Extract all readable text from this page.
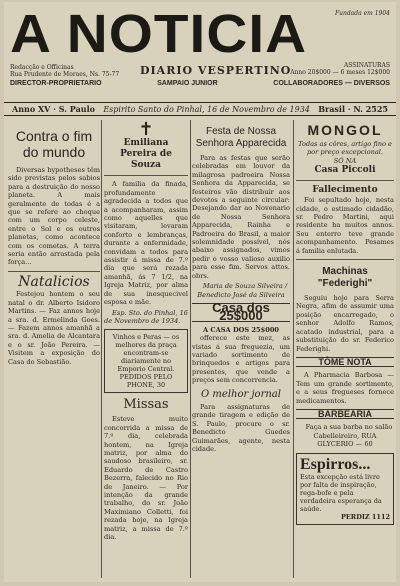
A NOTICIA	Fundada em 1904
Redacção e Officinas
Rua Prudente de Moraes, Ns. 75-77 DIARIO VESPERTINO	ASSINATURAS
Anno 20$000 — 6 meses 12$000
DIRECTOR-PROPRIETARIO	SAMPAIO JUNIOR	COLLABORADORES — DIVERSOS
Anno XV · S. Paulo Espirito Santo do Pinhal, 16 de Novembro de 1934 Brasil · N. 2525
Contra o fim do mundo

Diversas hypotheses têm sido previstas pelos sabios para a destruição do nosso planeta. A mais geralmente de todas é a que se refere ao choque com um corpo celeste, entre o Sol e os outros planetas, como acontece com os cometas. A terra seria então arrastada pela força...

Natalicios

Festejou hontem o seu natal o dr. Alberto Isidoro Martins. — Faz annos hoje a sra. d. Ermelinda Goes. — Fazem annos amanhã a sra. d. Amelia de Alcantara e o sr. João Pereira. — Visitem a exposição do Casa do Sebastião.

✝
Emiliana Pereira de Souza

A familia da finada, profundamente agradecida a todos que a acompanharam, assim como aquelles que visitaram, levaram conforto e lembranças, durante a enfermidade, convidam a todos para assistir á missa de 7.º dia que será rezada amanhã, ás 7 1/2, na Igreja Matriz, por alma de sua inesquecivel esposa e mãe.

Esp. Sto. do Pinhal, 16 de Novembro de 1934.

Vinhos e Peras — os melhores da praça encontram-se diariamente no Emporio Central. PEDIDOS PELO PHONE, 30
Missas

Esteve muito concorrida a missa de 7.º dia, celebrada hontem, na Igreja matriz, por alma do saudoso brasileiro, sr. Eduardo de Castro Bezerra, falecido no Rio de Janeiro. — Por intenção da grande trabalho, do sr. João Maximiano Colletti, foi rezada hoje, na Igreja matriz, a missa de 7.º dia.

Festa de Nossa Senhora Apparecida

Para as festas que serão celebradas em louvor da milagrosa padroeira Nossa Senhora da Apparecida, se festeiros vão distribuir aos devotos a seguinte circular: Desejando dar ao Novenario de Nossa Senhora Apparecida, Rainha e Padroeira do Brasil, a maior solemnidade possível, nós abaixo assignados, vimos pedir o vosso valioso auxilio para esse fim. Servos attos. obrs.

Maria de Souza Silveira / Benedicto José da Silveira

Casa dos 25$000
A CASA DOS 25$000

offerece este mez, as vistas á sua freguezia, um variado sortimento de brinquedos e artigos para presentes, que vende a preços sem concorrencia.

O melhor jornal

Para assignaturas de grande tiragem e edição de S. Paulo, procure o sr. Benedicto Guedes Guimarães, agente, nesta cidade.

MONGOL
Todas as côres, artigo fino e por preço excepcional.
SÓ NA
Casa Piccoli
Fallecimento

Foi sepultado hoje, nesta cidade, o estimado cidadão, sr. Pedro Martini, aqui residente ha muitos annos. Seu enterro teve grande acompanhamento. Pesames á familia enlutada.

Machinas "Federighi"

Seguiu hoje para Serra Negra, afim de assumir uma posição encarregado, o senhor Adolfo Ramos, acatado industrial, para a substituição do sr. Federico Federighi.

TÔME NOTA

A Pharmacia Barbosa — Tem um grande sortimento, e a seus fregueses fornece medicamentos.

BARBEARIA

Faça a sua barba no salão Cabelleireiro, RUA GLYCERIO — 60

Espirros...
Esta excepção está livre por falta de inspiração, rega-bofe e pela verdadeira esperança da saúde.
PERDIZ 1112
